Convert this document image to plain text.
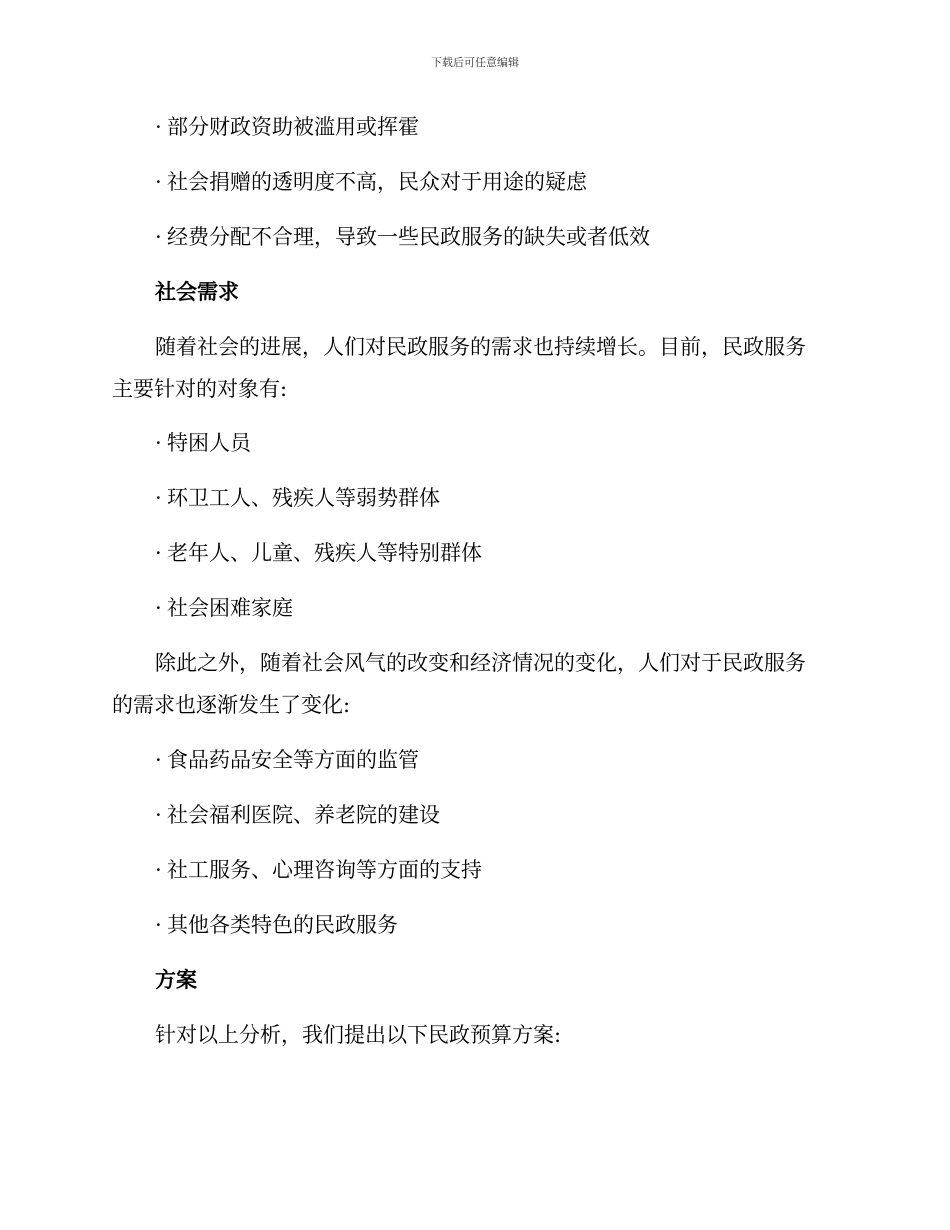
下载后可任意编辑
· 部分财政资助被滥用或挥霍
· 社会捐赠的透明度不高，民众对于用途的疑虑
· 经费分配不合理，导致一些民政服务的缺失或者低效
社会需求
随着社会的进展，人们对民政服务的需求也持续增长。目前，民政服务
主要针对的对象有:
· 特困人员
· 环卫工人、残疾人等弱势群体
· 老年人、儿童、残疾人等特别群体
· 社会困难家庭
除此之外，随着社会风气的改变和经济情况的变化，人们对于民政服务
的需求也逐渐发生了变化:
· 食品药品安全等方面的监管
· 社会福利医院、养老院的建设
· 社工服务、心理咨询等方面的支持
· 其他各类特色的民政服务
方案
针对以上分析，我们提出以下民政预算方案:
